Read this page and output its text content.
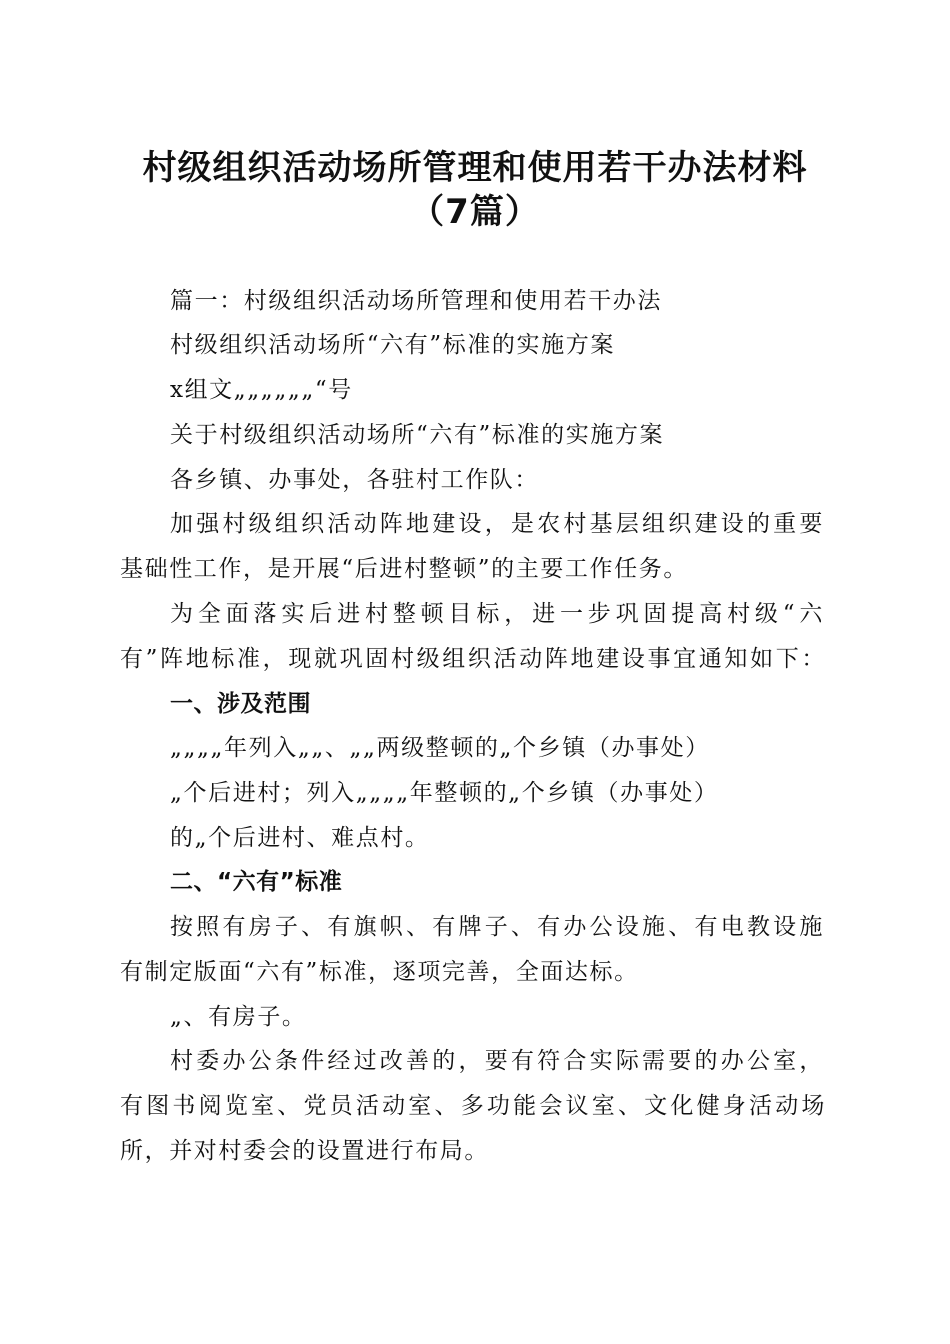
村级组织活动场所管理和使用若干办法材料
（7篇）
篇一：村级组织活动场所管理和使用若干办法
村级组织活动场所“六有”标准的实施方案
x组文„„„„„„“号
关于村级组织活动场所“六有”标准的实施方案
各乡镇、办事处，各驻村工作队：
加强村级组织活动阵地建设，是农村基层组织建设的重要
基础性工作，是开展“后进村整顿”的主要工作任务。
为全面落实后进村整顿目标，进一步巩固提高村级“六
有”阵地标准，现就巩固村级组织活动阵地建设事宜通知如下：
一、涉及范围
„„„„年列入„„、„„两级整顿的„个乡镇（办事处）
„个后进村；列入„„„„年整顿的„个乡镇（办事处）
的„个后进村、难点村。
二、“六有”标准
按照有房子、有旗帜、有牌子、有办公设施、有电教设施
有制定版面“六有”标准，逐项完善，全面达标。
„、有房子。
村委办公条件经过改善的，要有符合实际需要的办公室，
有图书阅览室、党员活动室、多功能会议室、文化健身活动场
所，并对村委会的设置进行布局。
